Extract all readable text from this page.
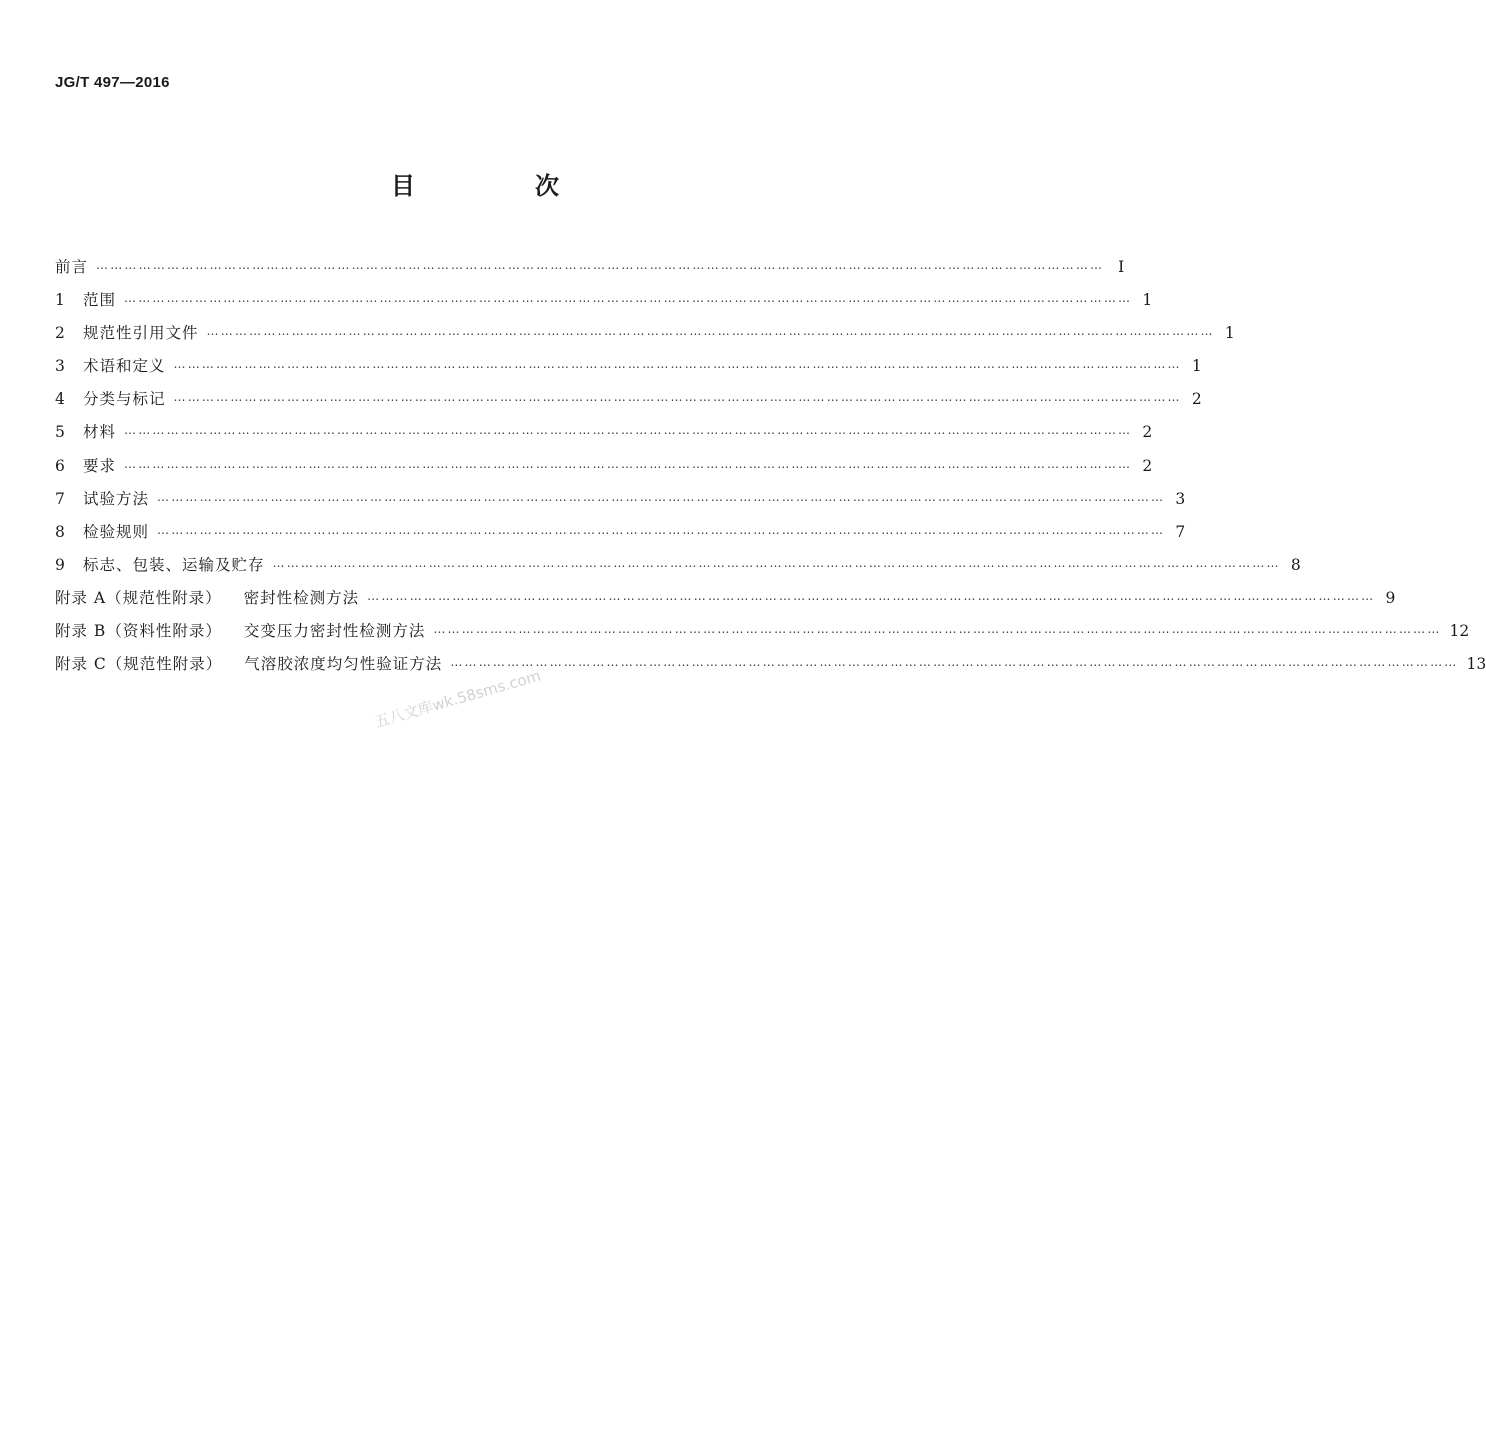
JG/T 497—2016
目　次
前言 …………………………………………………………………………………………………………………………………………………………………………………………… Ⅰ
1	范围 …………………………………………………………………………………………………………………………………………………………………………………………… 1
2	规范性引用文件 …………………………………………………………………………………………………………………………………………………………………………………………… 1
3	术语和定义 …………………………………………………………………………………………………………………………………………………………………………………………… 1
4	分类与标记 …………………………………………………………………………………………………………………………………………………………………………………………… 2
5	材料 …………………………………………………………………………………………………………………………………………………………………………………………… 2
6	要求 …………………………………………………………………………………………………………………………………………………………………………………………… 2
7	试验方法 …………………………………………………………………………………………………………………………………………………………………………………………… 3
8	检验规则 …………………………………………………………………………………………………………………………………………………………………………………………… 7
9	标志、包装、运输及贮存 …………………………………………………………………………………………………………………………………………………………………………………………… 8
附录 A（规范性附录） 密封性检测方法 …………………………………………………………………………………………………………………………………………………………………………………………… 9
附录 B（资料性附录） 交变压力密封性检测方法 …………………………………………………………………………………………………………………………………………………………………………………………… 12
附录 C（规范性附录） 气溶胶浓度均匀性验证方法 …………………………………………………………………………………………………………………………………………………………………………………………… 13
五八文库wk.58sms.com
